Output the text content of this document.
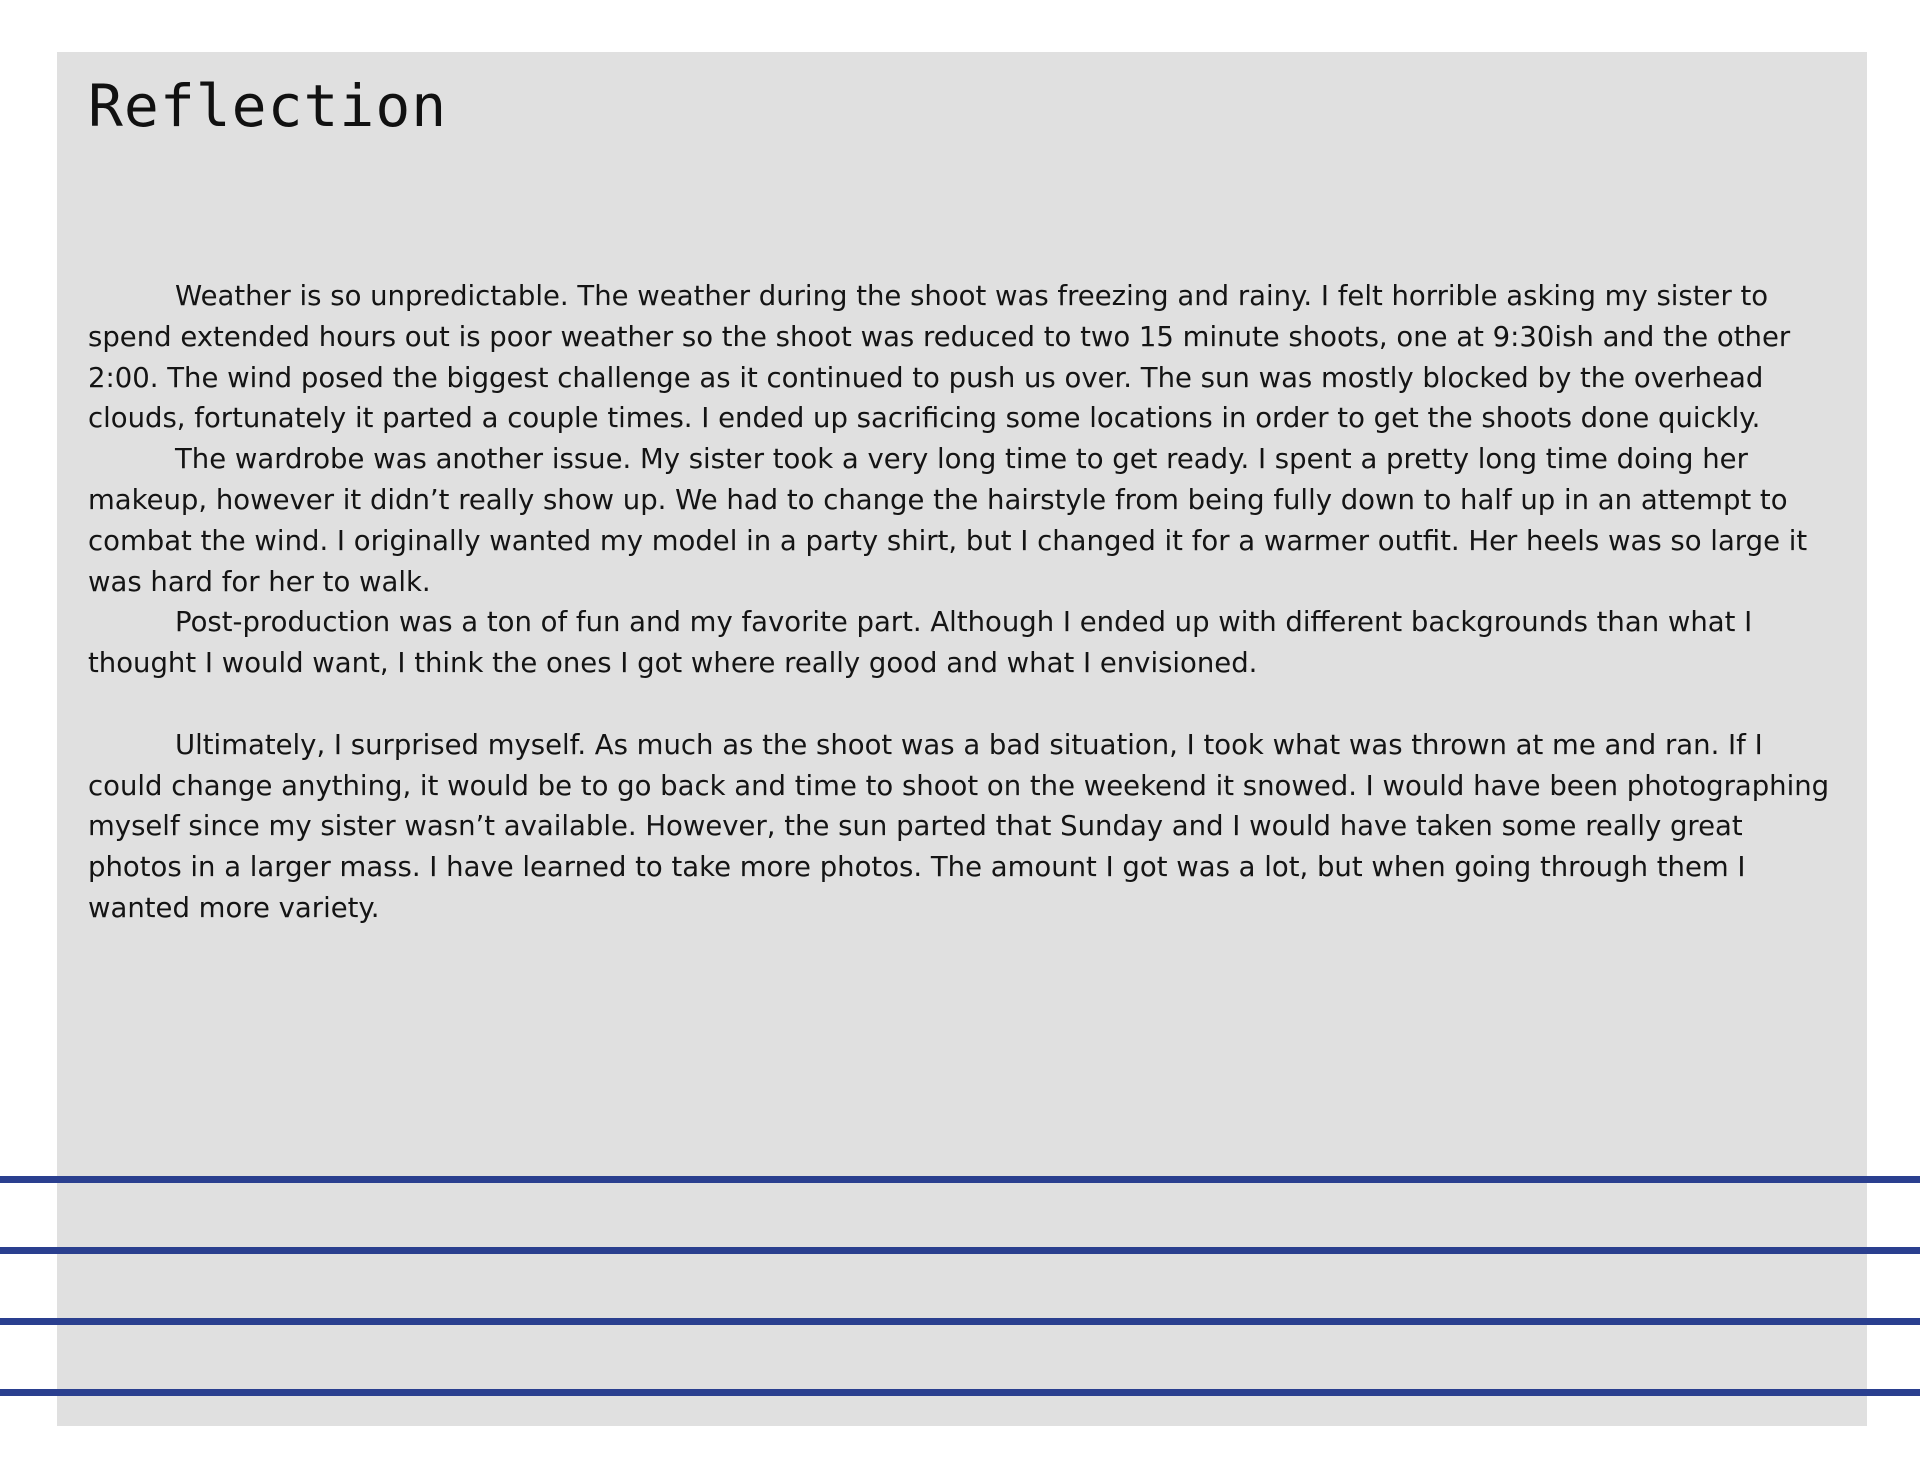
Reflection

Weather is so unpredictable. The weather during the shoot was freezing and rainy. I felt horrible asking my sister to spend extended hours out is poor weather so the shoot was reduced to two 15 minute shoots, one at 9:30ish and the other 2:00. The wind posed the biggest challenge as it continued to push us over. The sun was mostly blocked by the overhead clouds, fortunately it parted a couple times. I ended up sacrificing some locations in order to get the shoots done quickly.

The wardrobe was another issue. My sister took a very long time to get ready. I spent a pretty long time doing her makeup, however it didn’t really show up. We had to change the hairstyle from being fully down to half up in an attempt to combat the wind. I originally wanted my model in a party shirt, but I changed it for a warmer outfit. Her heels was so large it was hard for her to walk.

Post-production was a ton of fun and my favorite part. Although I ended up with different backgrounds than what I thought I would want, I think the ones I got where really good and what I envisioned.

Ultimately, I surprised myself. As much as the shoot was a bad situation, I took what was thrown at me and ran. If I could change anything, it would be to go back and time to shoot on the weekend it snowed. I would have been photographing myself since my sister wasn’t available. However, the sun parted that Sunday and I would have taken some really great photos in a larger mass. I have learned to take more photos. The amount I got was a lot, but when going through them I wanted more variety.
